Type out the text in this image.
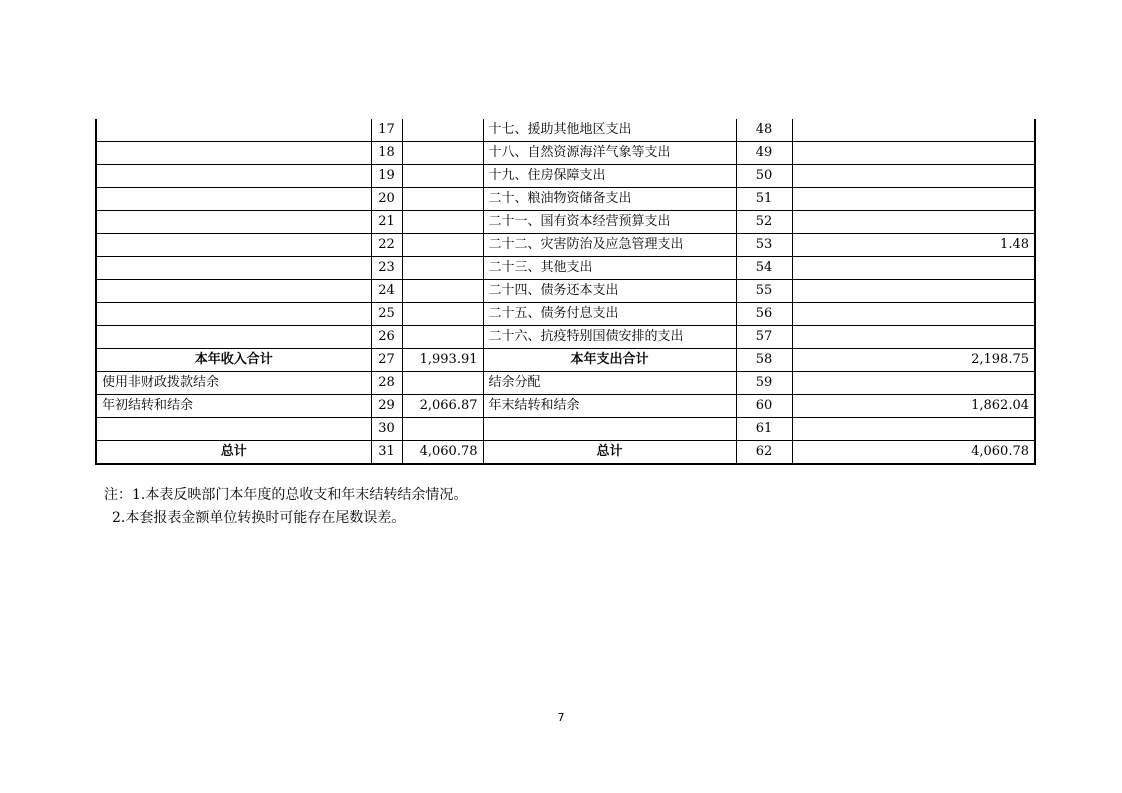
	17		十七、援助其他地区支出	48	
	18		十八、自然资源海洋气象等支出	49	
	19		十九、住房保障支出	50	
	20		二十、粮油物资储备支出	51	
	21		二十一、国有资本经营预算支出	52	
	22		二十二、灾害防治及应急管理支出	53	1.48
	23		二十三、其他支出	54	
	24		二十四、债务还本支出	55	
	25		二十五、债务付息支出	56	
	26		二十六、抗疫特别国债安排的支出	57	
本年收入合计	27	1,993.91	本年支出合计	58	2,198.75
使用非财政拨款结余	28		结余分配	59	
年初结转和结余	29	2,066.87	年末结转和结余	60	1,862.04
	30			61	
总计	31	4,060.78	总计	62	4,060.78
注：1.本表反映部门本年度的总收支和年末结转结余情况。
2.本套报表金额单位转换时可能存在尾数误差。
7
